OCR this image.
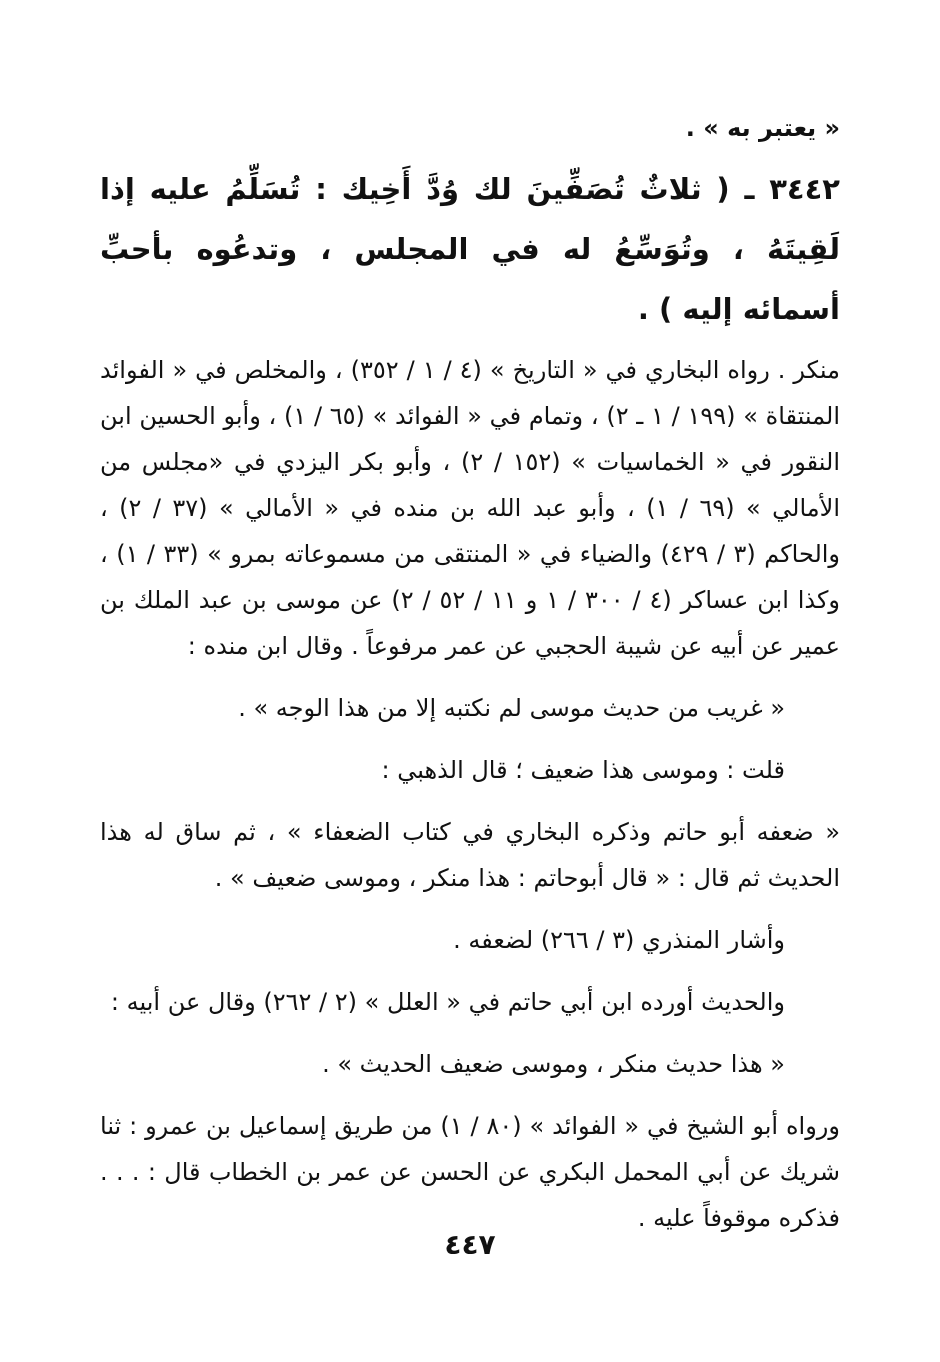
« يعتبر به » .

٣٤٤٢ ـ ( ثلاثٌ تُصَفِّينَ لك وُدَّ أَخِيك : تُسَلِّمُ عليه إذا لَقِيتَهُ ، وتُوَسِّعُ له في المجلس ، وتدعُوه بأحبِّ أسمائه إليه ) .

منكر . رواه البخاري في « التاريخ » (٤ / ١ / ٣٥٢) ، والمخلص في « الفوائد المنتقاة » (١٩٩ / ١ ـ ٢) ، وتمام في « الفوائد » (٦٥ / ١) ، وأبو الحسين ابن النقور في « الخماسيات » (١٥٢ / ٢) ، وأبو بكر اليزدي في «مجلس من الأمالي » (٦٩ / ١) ، وأبو عبد الله بن منده في « الأمالي » (٣٧ / ٢) ، والحاكم (٣ / ٤٢٩) والضياء في « المنتقى من مسموعاته بمرو » (٣٣ / ١) ، وكذا ابن عساكر (٤ / ٣٠٠ / ١ و ١١ / ٥٢ / ٢) عن موسى بن عبد الملك بن عمير عن أبيه عن شيبة الحجبي عن عمر مرفوعاً . وقال ابن منده :

« غريب من حديث موسى لم نكتبه إلا من هذا الوجه » .

قلت : وموسى هذا ضعيف ؛ قال الذهبي :

« ضعفه أبو حاتم وذكره البخاري في كتاب الضعفاء » ، ثم ساق له هذا الحديث ثم قال : « قال أبوحاتم : هذا منكر ، وموسى ضعيف » .

وأشار المنذري (٣ / ٢٦٦) لضعفه .

والحديث أورده ابن أبي حاتم في « العلل » (٢ / ٢٦٢) وقال عن أبيه :

« هذا حديث منكر ، وموسى ضعيف الحديث » .

ورواه أبو الشيخ في « الفوائد » (٨٠ / ١) من طريق إسماعيل بن عمرو : ثنا شريك عن أبي المحمل البكري عن الحسن عن عمر بن الخطاب قال : . . . فذكره موقوفاً عليه .

٤٤٧
